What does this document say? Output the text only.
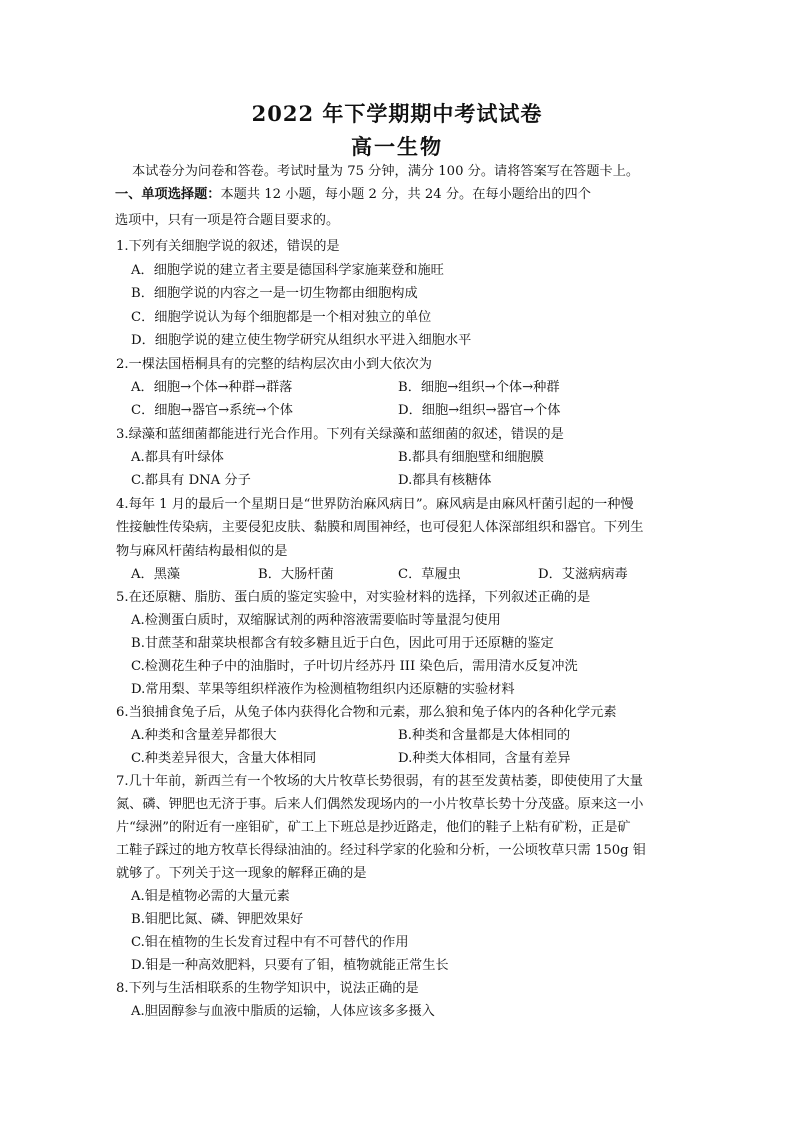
2022 年下学期期中考试试卷
高一生物
本试卷分为问卷和答卷。考试时量为 75 分钟，满分 100 分。请将答案写在答题卡上。
一、单项选择题：本题共 12 小题，每小题 2 分，共 24 分。在每小题给出的四个
选项中，只有一项是符合题目要求的。
1.下列有关细胞学说的叙述，错误的是
A．细胞学说的建立者主要是德国科学家施莱登和施旺
B．细胞学说的内容之一是一切生物都由细胞构成
C．细胞学说认为每个细胞都是一个相对独立的单位
D．细胞学说的建立使生物学研究从组织水平进入细胞水平
2.一棵法国梧桐具有的完整的结构层次由小到大依次为
A．细胞→个体→种群→群落	B．细胞→组织→个体→种群
C．细胞→器官→系统→个体	D．细胞→组织→器官→个体
3.绿藻和蓝细菌都能进行光合作用。下列有关绿藻和蓝细菌的叙述，错误的是
A.都具有叶绿体	B.都具有细胞壁和细胞膜
C.都具有 DNA 分子	D.都具有核糖体
4.每年 1 月的最后一个星期日是“世界防治麻风病日”。麻风病是由麻风杆菌引起的一种慢
性接触性传染病，主要侵犯皮肤、黏膜和周围神经，也可侵犯人体深部组织和器官。下列生
物与麻风杆菌结构最相似的是
A．黑藻	B．大肠杆菌	C．草履虫	D．艾滋病病毒
5.在还原糖、脂肪、蛋白质的鉴定实验中，对实验材料的选择，下列叙述正确的是
A.检测蛋白质时，双缩脲试剂的两种溶液需要临时等量混匀使用
B.甘蔗茎和甜菜块根都含有较多糖且近于白色，因此可用于还原糖的鉴定
C.检测花生种子中的油脂时，子叶切片经苏丹 III 染色后，需用清水反复冲洗
D.常用梨、苹果等组织样液作为检测植物组织内还原糖的实验材料
6.当狼捕食兔子后，从兔子体内获得化合物和元素，那么狼和兔子体内的各种化学元素
A.种类和含量差异都很大	B.种类和含量都是大体相同的
C.种类差异很大，含量大体相同	D.种类大体相同，含量有差异
7.几十年前，新西兰有一个牧场的大片牧草长势很弱，有的甚至发黄枯萎，即使使用了大量
氮、磷、钾肥也无济于事。后来人们偶然发现场内的一小片牧草长势十分茂盛。原来这一小
片“绿洲”的附近有一座钼矿，矿工上下班总是抄近路走，他们的鞋子上粘有矿粉，正是矿
工鞋子踩过的地方牧草长得绿油油的。经过科学家的化验和分析，一公顷牧草只需 150g 钼
就够了。下列关于这一现象的解释正确的是
A.钼是植物必需的大量元素
B.钼肥比氮、磷、钾肥效果好
C.钼在植物的生长发育过程中有不可替代的作用
D.钼是一种高效肥料，只要有了钼，植物就能正常生长
8.下列与生活相联系的生物学知识中，说法正确的是
A.胆固醇参与血液中脂质的运输，人体应该多多摄入
